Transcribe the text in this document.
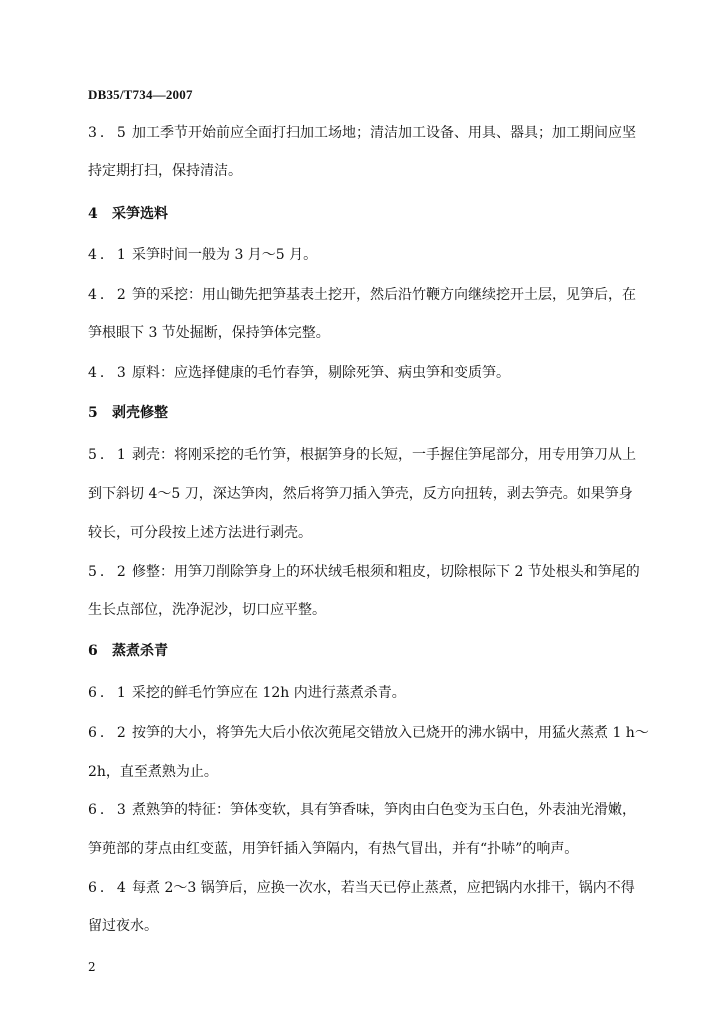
DB35/T734—2007
3．5 加工季节开始前应全面打扫加工场地；清洁加工设备、用具、器具；加工期间应坚
持定期打扫，保持清洁。
4 采笋选料
4．1 采笋时间一般为 3 月～5 月。
4．2 笋的采挖：用山锄先把笋基表土挖开，然后沿竹鞭方向继续挖开土层，见笋后，在
笋根眼下 3 节处掘断，保持笋体完整。
4．3 原料：应选择健康的毛竹春笋，剔除死笋、病虫笋和变质笋。
5 剥壳修整
5．1 剥壳：将刚采挖的毛竹笋，根据笋身的长短，一手握住笋尾部分，用专用笋刀从上
到下斜切 4～5 刀，深达笋肉，然后将笋刀插入笋壳，反方向扭转，剥去笋壳。如果笋身
较长，可分段按上述方法进行剥壳。
5．2 修整：用笋刀削除笋身上的环状绒毛根须和粗皮，切除根际下 2 节处根头和笋尾的
生长点部位，洗净泥沙，切口应平整。
6 蒸煮杀青
6．1 采挖的鲜毛竹笋应在 12h 内进行蒸煮杀青。
6．2 按笋的大小，将笋先大后小依次蔸尾交错放入已烧开的沸水锅中，用猛火蒸煮 1 h～
2h，直至煮熟为止。
6．3 煮熟笋的特征：笋体变软，具有笋香味，笋肉由白色变为玉白色，外表油光滑嫩，
笋蔸部的芽点由红变蓝，用笋钎插入笋隔内，有热气冒出，并有“扑哧”的响声。
6．4 每煮 2～3 锅笋后，应换一次水，若当天已停止蒸煮，应把锅内水排干，锅内不得
留过夜水。
2
